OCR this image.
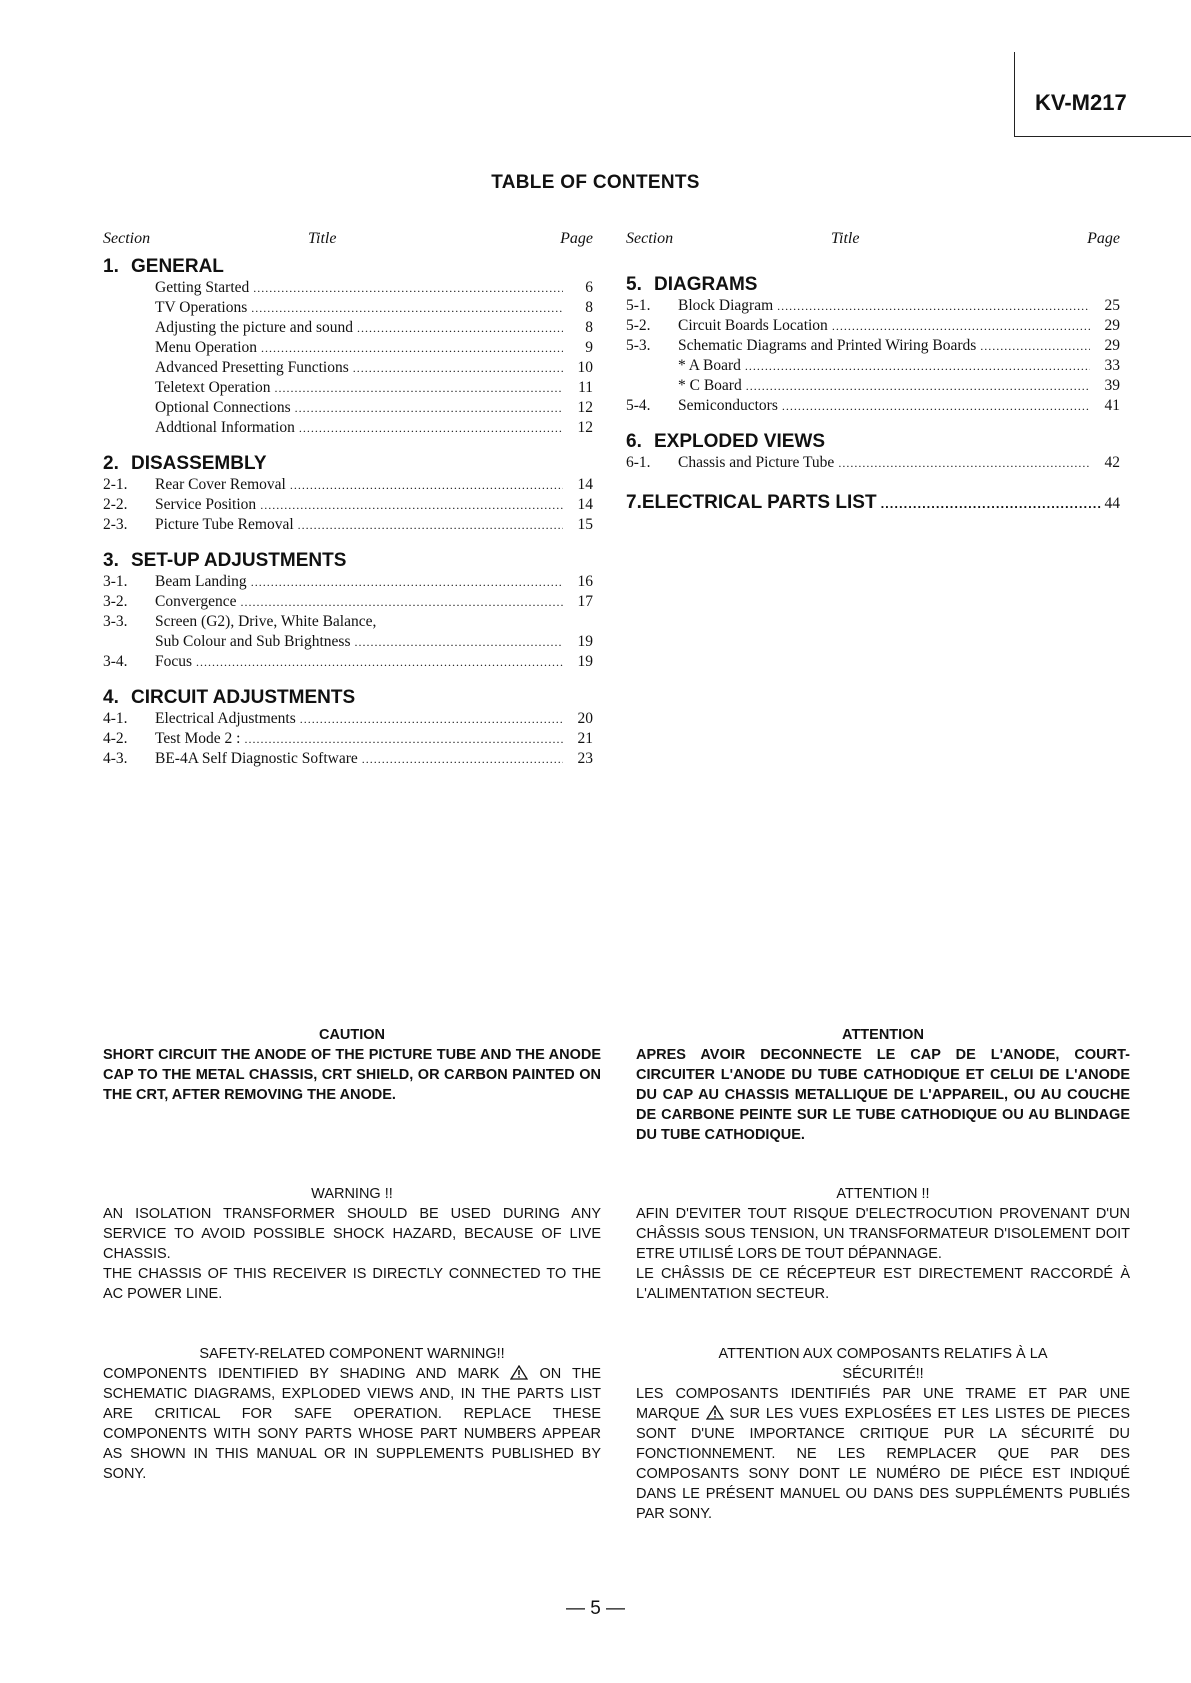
KV-M217
TABLE OF CONTENTS
Section	Title	Page
1. GENERAL
Getting Started .....	6
TV Operations .....	8
Adjusting the picture and sound .....	8
Menu Operation .....	9
Advanced Presetting Functions .....	10
Teletext Operation .....	11
Optional Connections .....	12
Addtional Information .....	12
2. DISASSEMBLY
2-1.	Rear Cover Removal .....	14
2-2.	Service Position .....	14
2-3.	Picture Tube Removal .....	15
3. SET-UP ADJUSTMENTS
3-1.	Beam Landing .....	16
3-2.	Convergence .....	17
3-3.	Screen (G2), Drive, White Balance,
Sub Colour and Sub Brightness .....	19
3-4.	Focus .....	19
4. CIRCUIT ADJUSTMENTS
4-1.	Electrical Adjustments .....	20
4-2.	Test Mode 2 : .....	21
4-3.	BE-4A Self Diagnostic Software .....	23
Section	Title	Page
5. DIAGRAMS
5-1.	Block Diagram .....	25
5-2.	Circuit Boards Location .....	29
5-3.	Schematic Diagrams and Printed Wiring Boards .....	29
* A Board .....	33
* C Board .....	39
5-4.	Semiconductors .....	41
6. EXPLODED VIEWS
6-1.	Chassis and Picture Tube .....	42
7. ELECTRICAL PARTS LIST .....	44
CAUTION

SHORT CIRCUIT THE ANODE OF THE PICTURE TUBE AND THE ANODE CAP TO THE METAL CHASSIS, CRT SHIELD, OR CARBON PAINTED ON THE CRT, AFTER REMOVING THE ANODE.

ATTENTION

APRES AVOIR DECONNECTE LE CAP DE L'ANODE, COURT-CIRCUITER L'ANODE DU TUBE CATHODIQUE ET CELUI DE L'ANODE DU CAP AU CHASSIS METALLIQUE DE L'APPAREIL, OU AU COUCHE DE CARBONE PEINTE SUR LE TUBE CATHODIQUE OU AU BLINDAGE DU TUBE CATHODIQUE.

WARNING !!

AN ISOLATION TRANSFORMER SHOULD BE USED DURING ANY SERVICE TO AVOID POSSIBLE SHOCK HAZARD, BECAUSE OF LIVE CHASSIS.

THE CHASSIS OF THIS RECEIVER IS DIRECTLY CONNECTED TO THE AC POWER LINE.

ATTENTION !!

AFIN D'EVITER TOUT RISQUE D'ELECTROCUTION PROVENANT D'UN CHÂSSIS SOUS TENSION, UN TRANSFORMATEUR D'ISOLEMENT DOIT ETRE UTILISÉ LORS DE TOUT DÉPANNAGE.

LE CHÂSSIS DE CE RÉCEPTEUR EST DIRECTEMENT RACCORDÉ À L'ALIMENTATION SECTEUR.

SAFETY-RELATED COMPONENT WARNING!!

COMPONENTS IDENTIFIED BY SHADING AND MARK	ON THE SCHEMATIC DIAGRAMS, EXPLODED VIEWS AND, IN THE PARTS LIST ARE CRITICAL FOR SAFE OPERATION. REPLACE THESE COMPONENTS WITH SONY PARTS WHOSE PART NUMBERS APPEAR AS SHOWN IN THIS MANUAL OR IN SUPPLEMENTS PUBLISHED BY SONY.

ATTENTION AUX COMPOSANTS RELATIFS À LA
SÉCURITÉ!!

LES COMPOSANTS IDENTIFIÉS PAR UNE TRAME ET PAR UNE MARQUE SUR LES VUES EXPLOSÉES ET LES LISTES DE PIECES SONT D'UNE IMPORTANCE CRITIQUE PUR LA SÉCURITÉ DU FONCTIONNEMENT. NE LES REMPLACER QUE PAR DES COMPOSANTS SONY DONT LE NUMÉRO DE PIÉCE EST INDIQUÉ DANS LE PRÉSENT MANUEL OU DANS DES SUPPLÉMENTS PUBLIÉS PAR SONY.

— 5 —
